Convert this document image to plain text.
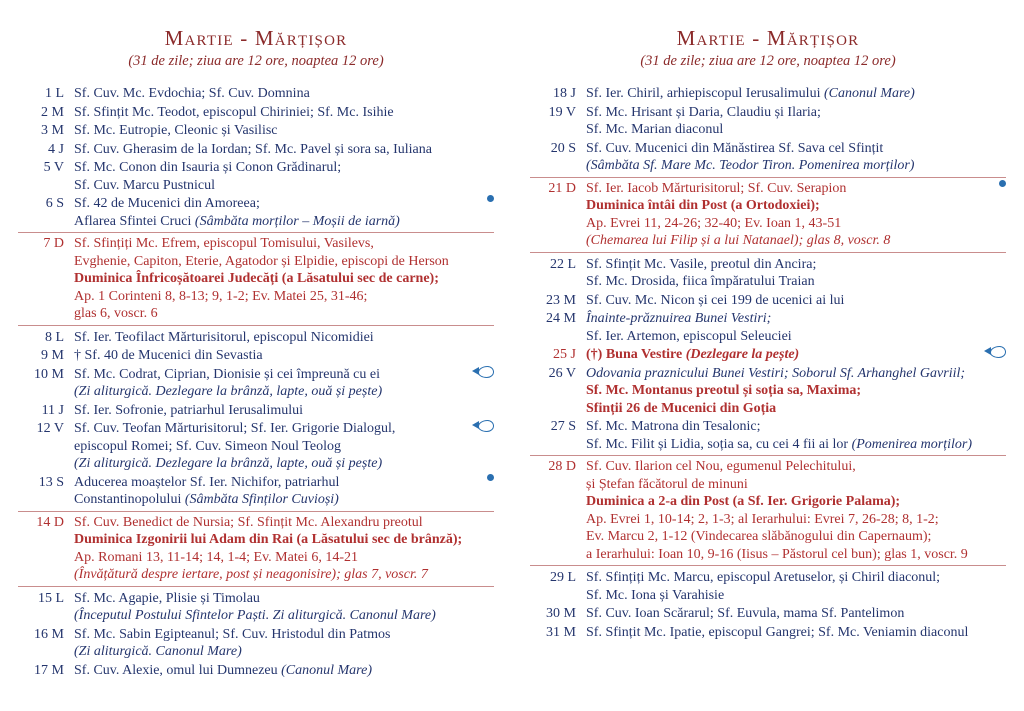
Martie - Mărțișor
(31 de zile; ziua are 12 ore, noaptea 12 ore)
1 L Sf. Cuv. Mc. Evdochia; Sf. Cuv. Domnina
2 M Sf. Sfințit Mc. Teodot, episcopul Chiriniei; Sf. Mc. Isihie
3 M Sf. Mc. Eutropie, Cleonic și Vasilisc
4 J Sf. Cuv. Gherasim de la Iordan; Sf. Mc. Pavel și sora sa, Iuliana
5 V Sf. Mc. Conon din Isauria și Conon Grădinarul;
Sf. Cuv. Marcu Pustnicul
6 S Sf. 42 de Mucenici din Amoreea;
Aflarea Sfintei Cruci (Sâmbăta morților – Moșii de iarnă)
7 D Sf. Sfințiți Mc. Efrem, episcopul Tomisului, Vasilevs,
Evghenie, Capiton, Eterie, Agatodor și Elpidie, episcopi de Herson
Duminica Înfricoșătoarei Judecăți (a Lăsatului sec de carne);
Ap. 1 Corinteni 8, 8-13; 9, 1-2; Ev. Matei 25, 31-46;
glas 6, voscr. 6
8 L Sf. Ier. Teofilact Mărturisitorul, episcopul Nicomidiei
9 M † Sf. 40 de Mucenici din Sevastia
10 M Sf. Mc. Codrat, Ciprian, Dionisie și cei împreună cu ei
(Zi aliturgică. Dezlegare la brânză, lapte, ouă și pește)
11 J Sf. Ier. Sofronie, patriarhul Ierusalimului
12 V Sf. Cuv. Teofan Mărturisitorul; Sf. Ier. Grigorie Dialogul,
episcopul Romei; Sf. Cuv. Simeon Noul Teolog
(Zi aliturgică. Dezlegare la brânză, lapte, ouă și pește)
13 S Aducerea moaștelor Sf. Ier. Nichifor, patriarhul
Constantinopolului (Sâmbăta Sfinților Cuvioși)
14 D Sf. Cuv. Benedict de Nursia; Sf. Sfințit Mc. Alexandru preotul
Duminica Izgonirii lui Adam din Rai (a Lăsatului sec de brânză);
Ap. Romani 13, 11-14; 14, 1-4; Ev. Matei 6, 14-21
(Învățătură despre iertare, post și neagonisire); glas 7, voscr. 7
15 L Sf. Mc. Agapie, Plisie și Timolau
(Începutul Postului Sfintelor Paști. Zi aliturgică. Canonul Mare)
16 M Sf. Mc. Sabin Egipteanul; Sf. Cuv. Hristodul din Patmos
(Zi aliturgică. Canonul Mare)
17 M Sf. Cuv. Alexie, omul lui Dumnezeu (Canonul Mare)
Martie - Mărțișor
(31 de zile; ziua are 12 ore, noaptea 12 ore)
18 J Sf. Ier. Chiril, arhiepiscopul Ierusalimului (Canonul Mare)
19 V Sf. Mc. Hrisant și Daria, Claudiu și Ilaria;
Sf. Mc. Marian diaconul
20 S Sf. Cuv. Mucenici din Mănăstirea Sf. Sava cel Sfințit
(Sâmbăta Sf. Mare Mc. Teodor Tiron. Pomenirea morților)
21 D Sf. Ier. Iacob Mărturisitorul; Sf. Cuv. Serapion
Duminica întâi din Post (a Ortodoxiei);
Ap. Evrei 11, 24-26; 32-40; Ev. Ioan 1, 43-51
(Chemarea lui Filip și a lui Natanael); glas 8, voscr. 8
22 L Sf. Sfințit Mc. Vasile, preotul din Ancira;
Sf. Mc. Drosida, fiica împăratului Traian
23 M Sf. Cuv. Mc. Nicon și cei 199 de ucenici ai lui
24 M Înainte-prăznuirea Bunei Vestiri;
Sf. Ier. Artemon, episcopul Seleuciei
25 J (†) Buna Vestire (Dezlegare la pește)
26 V Odovania praznicului Bunei Vestiri; Soborul Sf. Arhanghel Gavriil;
Sf. Mc. Montanus preotul și soția sa, Maxima;
Sfinții 26 de Mucenici din Goția
27 S Sf. Mc. Matrona din Tesalonic;
Sf. Mc. Filit și Lidia, soția sa, cu cei 4 fii ai lor (Pomenirea morților)
28 D Sf. Cuv. Ilarion cel Nou, egumenul Pelechitului,
și Ștefan făcătorul de minuni
Duminica a 2-a din Post (a Sf. Ier. Grigorie Palama);
Ap. Evrei 1, 10-14; 2, 1-3; al Ierarhului: Evrei 7, 26-28; 8, 1-2;
Ev. Marcu 2, 1-12 (Vindecarea slăbănogului din Capernaum);
a Ierarhului: Ioan 10, 9-16 (Iisus – Păstorul cel bun); glas 1, voscr. 9
29 L Sf. Sfințiți Mc. Marcu, episcopul Aretuselor, și Chiril diaconul;
Sf. Mc. Iona și Varahisie
30 M Sf. Cuv. Ioan Scărarul; Sf. Euvula, mama Sf. Pantelimon
31 M Sf. Sfințit Mc. Ipatie, episcopul Gangrei; Sf. Mc. Veniamin diaconul
